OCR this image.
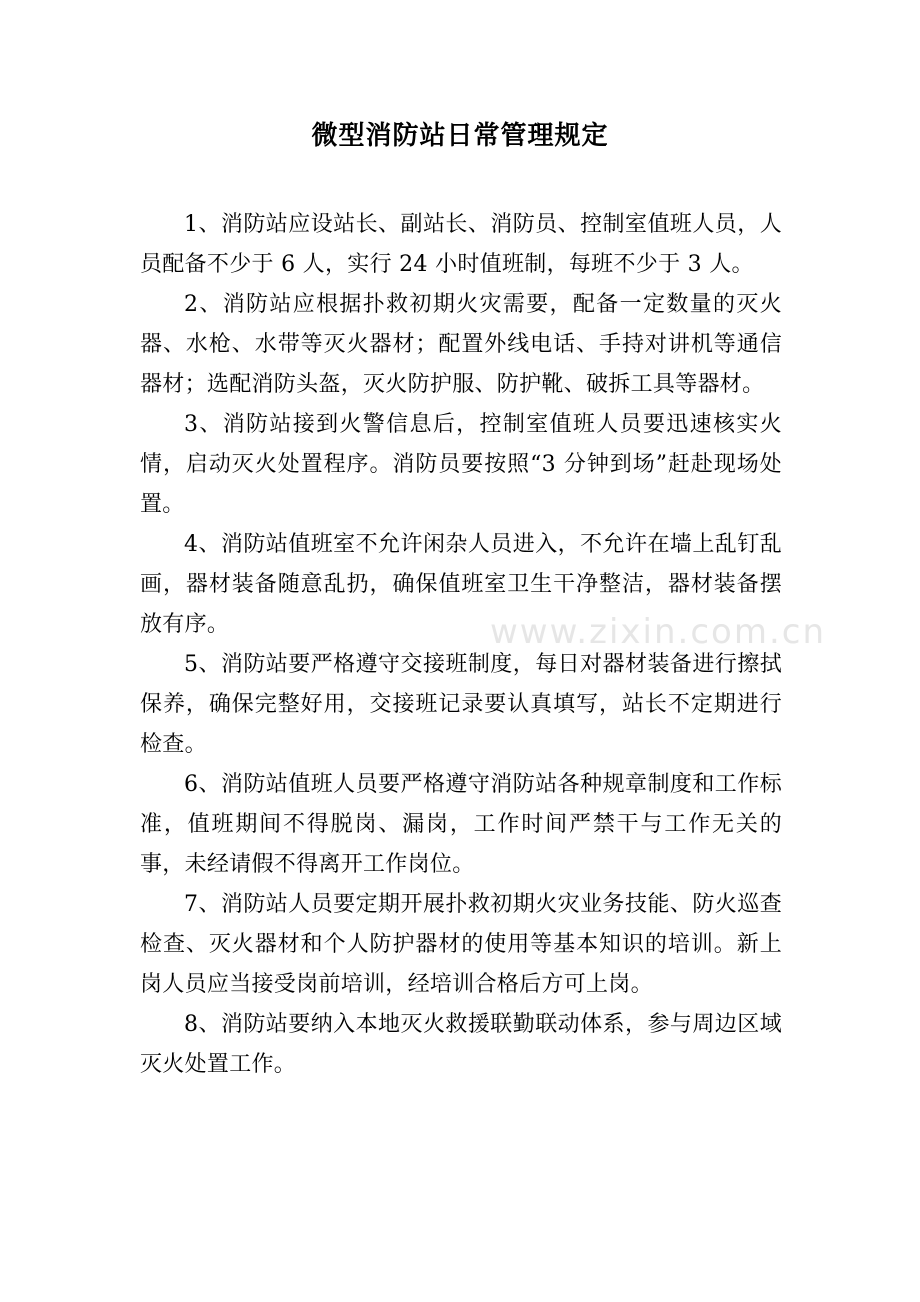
www.zixin.com.cn
微型消防站日常管理规定

1、消防站应设站长、副站长、消防员、控制室值班人员，人员配备不少于 6 人，实行 24 小时值班制，每班不少于 3 人。

2、消防站应根据扑救初期火灾需要，配备一定数量的灭火器、水枪、水带等灭火器材；配置外线电话、手持对讲机等通信器材；选配消防头盔，灭火防护服、防护靴、破拆工具等器材。

3、消防站接到火警信息后，控制室值班人员要迅速核实火情，启动灭火处置程序。消防员要按照“3 分钟到场”赶赴现场处置。

4、消防站值班室不允许闲杂人员进入，不允许在墙上乱钉乱画，器材装备随意乱扔，确保值班室卫生干净整洁，器材装备摆放有序。

5、消防站要严格遵守交接班制度，每日对器材装备进行擦拭保养，确保完整好用，交接班记录要认真填写，站长不定期进行检查。

6、消防站值班人员要严格遵守消防站各种规章制度和工作标准，值班期间不得脱岗、漏岗，工作时间严禁干与工作无关的事，未经请假不得离开工作岗位。

7、消防站人员要定期开展扑救初期火灾业务技能、防火巡查检查、灭火器材和个人防护器材的使用等基本知识的培训。新上岗人员应当接受岗前培训，经培训合格后方可上岗。

8、消防站要纳入本地灭火救援联勤联动体系，参与周边区域灭火处置工作。
